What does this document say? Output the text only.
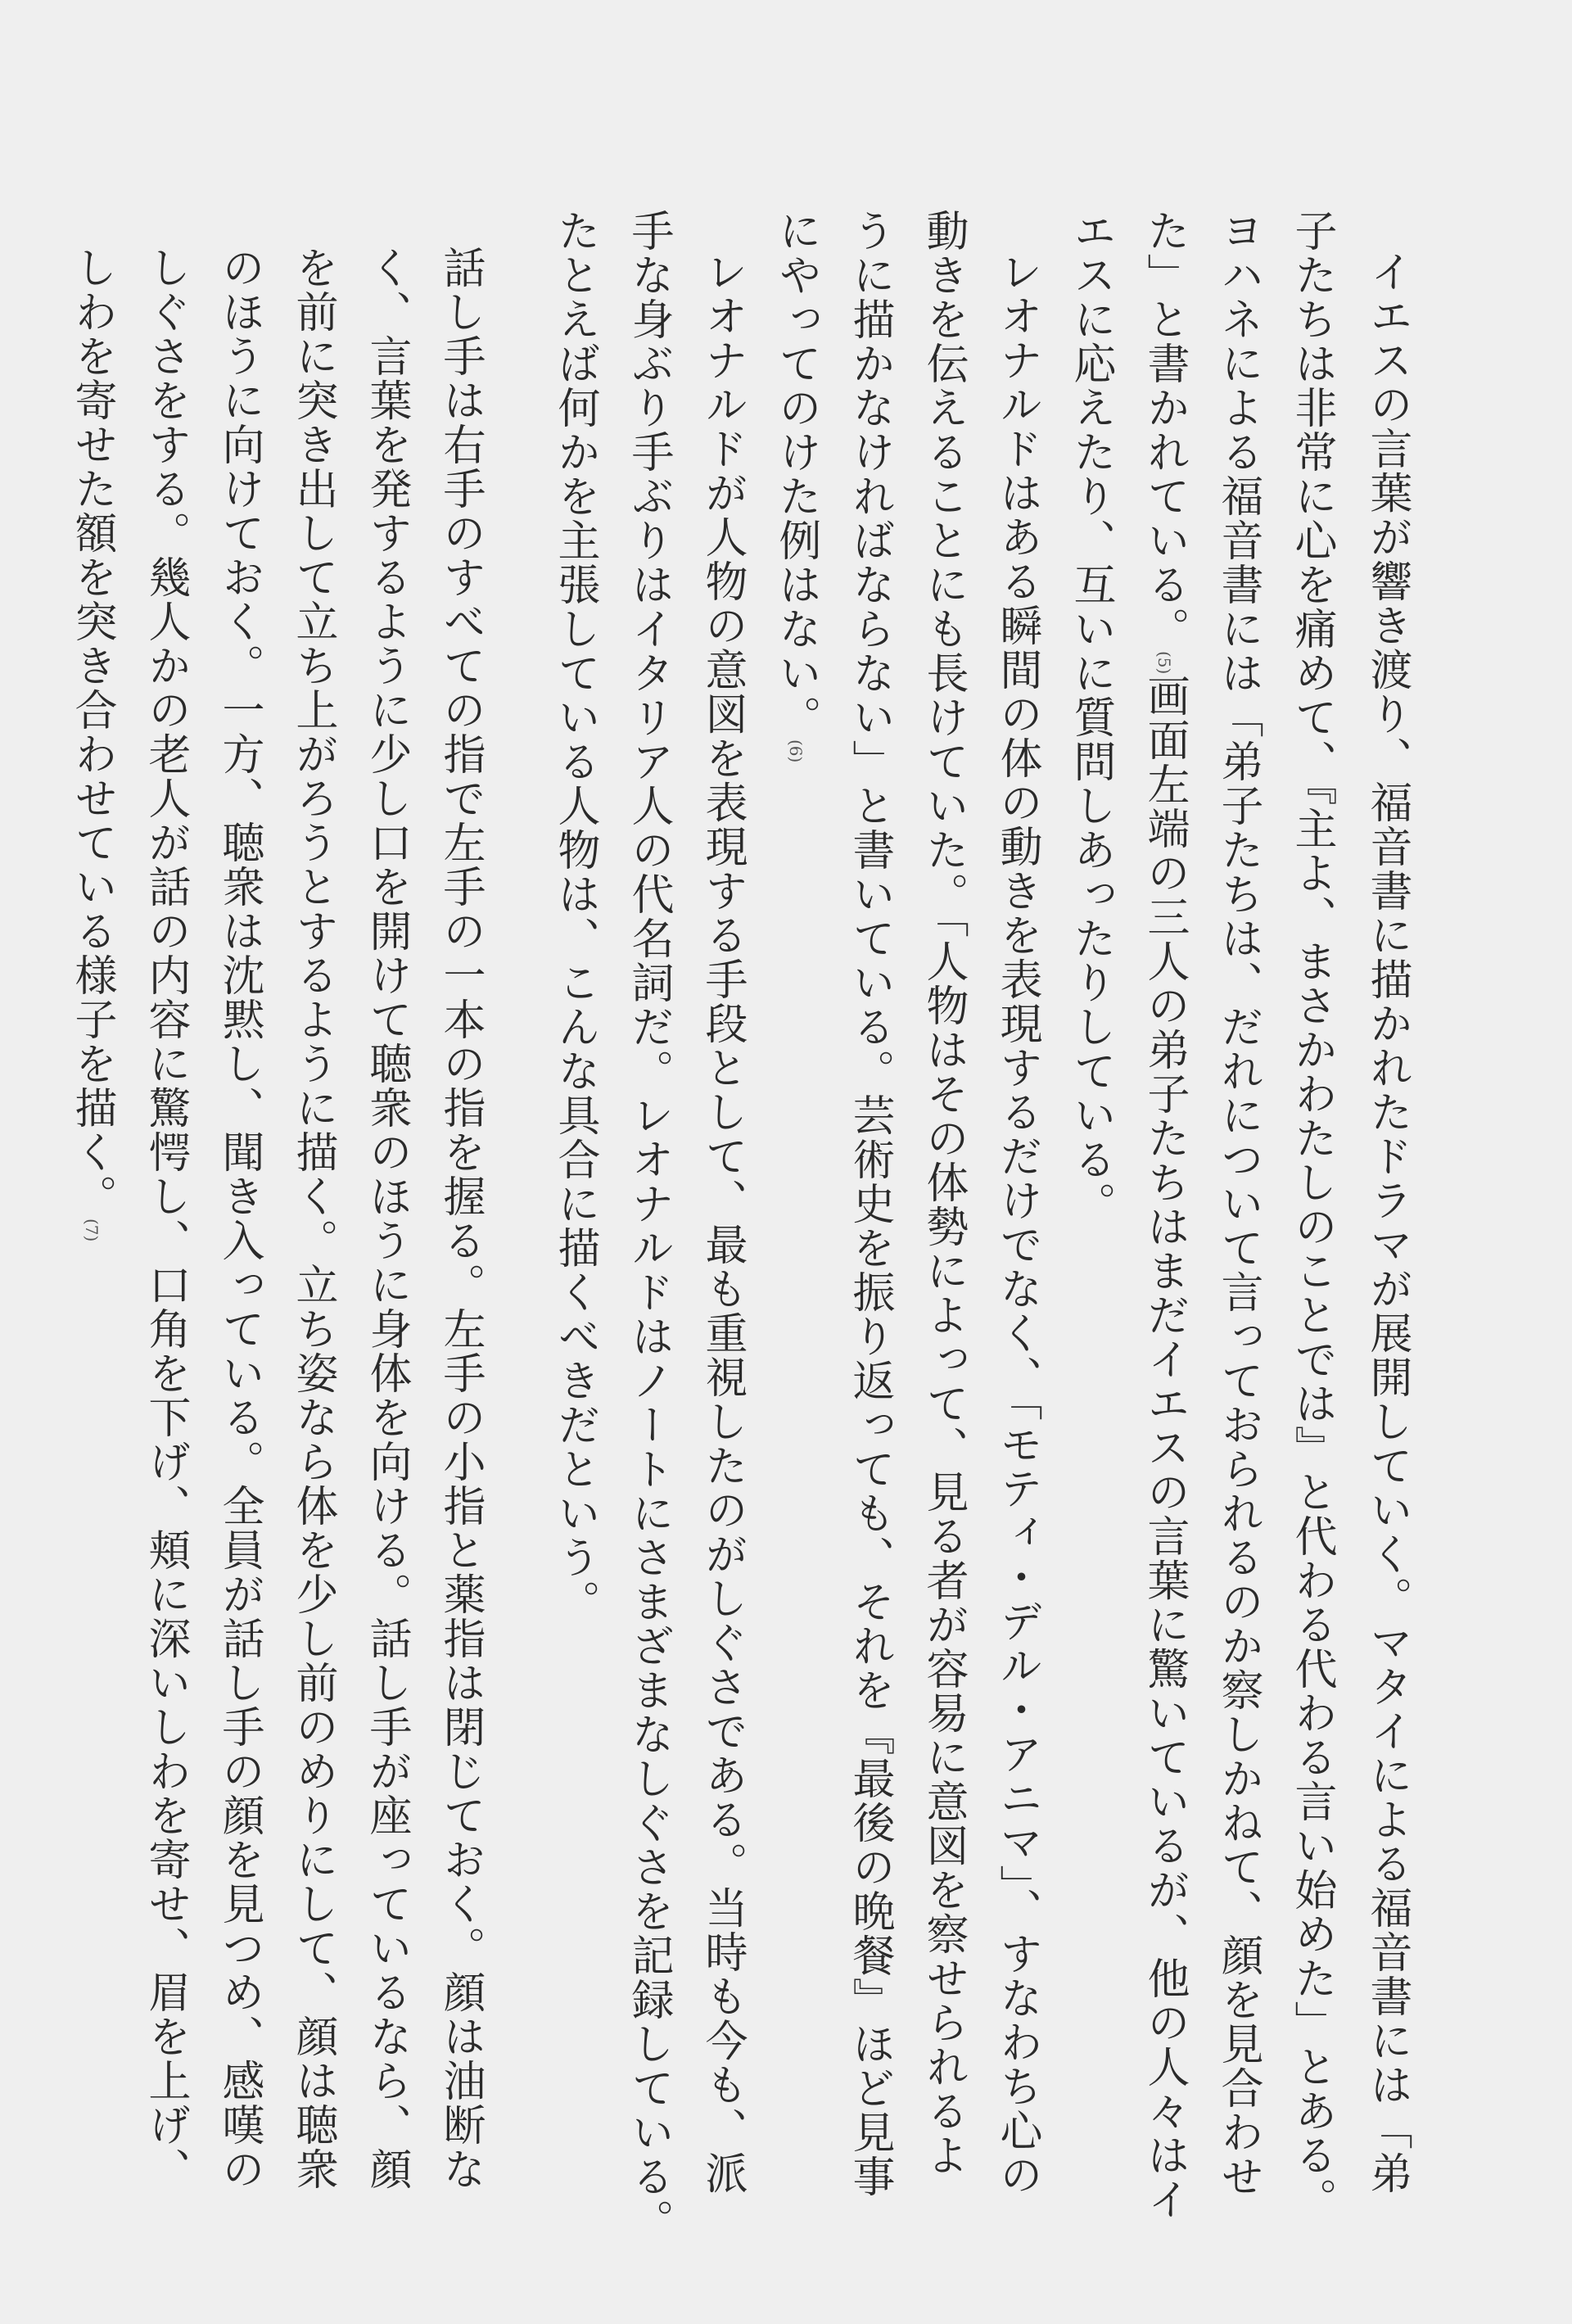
イエスの言葉が響き渡り、福音書に描かれたドラマが展開していく。マタイによる福音書には「弟
子たちは非常に心を痛めて、『主よ、まさかわたしのことでは』と代わる代わる言い始めた」とある。
ヨハネによる福音書には「弟子たちは、だれについて言っておられるのか察しかねて、顔を見合わせ
た」と書かれている。(5)画面左端の三人の弟子たちはまだイエスの言葉に驚いているが、他の人々はイ
エスに応えたり、互いに質問しあったりしている。
レオナルドはある瞬間の体の動きを表現するだけでなく、「モティ・デル・アニマ」、すなわち心の
動きを伝えることにも長けていた。「人物はその体勢によって、見る者が容易に意図を察せられるよ
うに描かなければならない」と書いている。芸術史を振り返っても、それを『最後の晩餐』ほど見事
にやってのけた例はない。(6)
レオナルドが人物の意図を表現する手段として、最も重視したのがしぐさである。当時も今も、派
手な身ぶり手ぶりはイタリア人の代名詞だ。レオナルドはノートにさまざまなしぐさを記録している。
たとえば何かを主張している人物は、こんな具合に描くべきだという。
話し手は右手のすべての指で左手の一本の指を握る。左手の小指と薬指は閉じておく。顔は油断な
く、言葉を発するように少し口を開けて聴衆のほうに身体を向ける。話し手が座っているなら、顔
を前に突き出して立ち上がろうとするように描く。立ち姿なら体を少し前のめりにして、顔は聴衆
のほうに向けておく。一方、聴衆は沈黙し、聞き入っている。全員が話し手の顔を見つめ、感嘆の
しぐさをする。幾人かの老人が話の内容に驚愕し、口角を下げ、頬に深いしわを寄せ、眉を上げ、
しわを寄せた額を突き合わせている様子を描く。(7)
